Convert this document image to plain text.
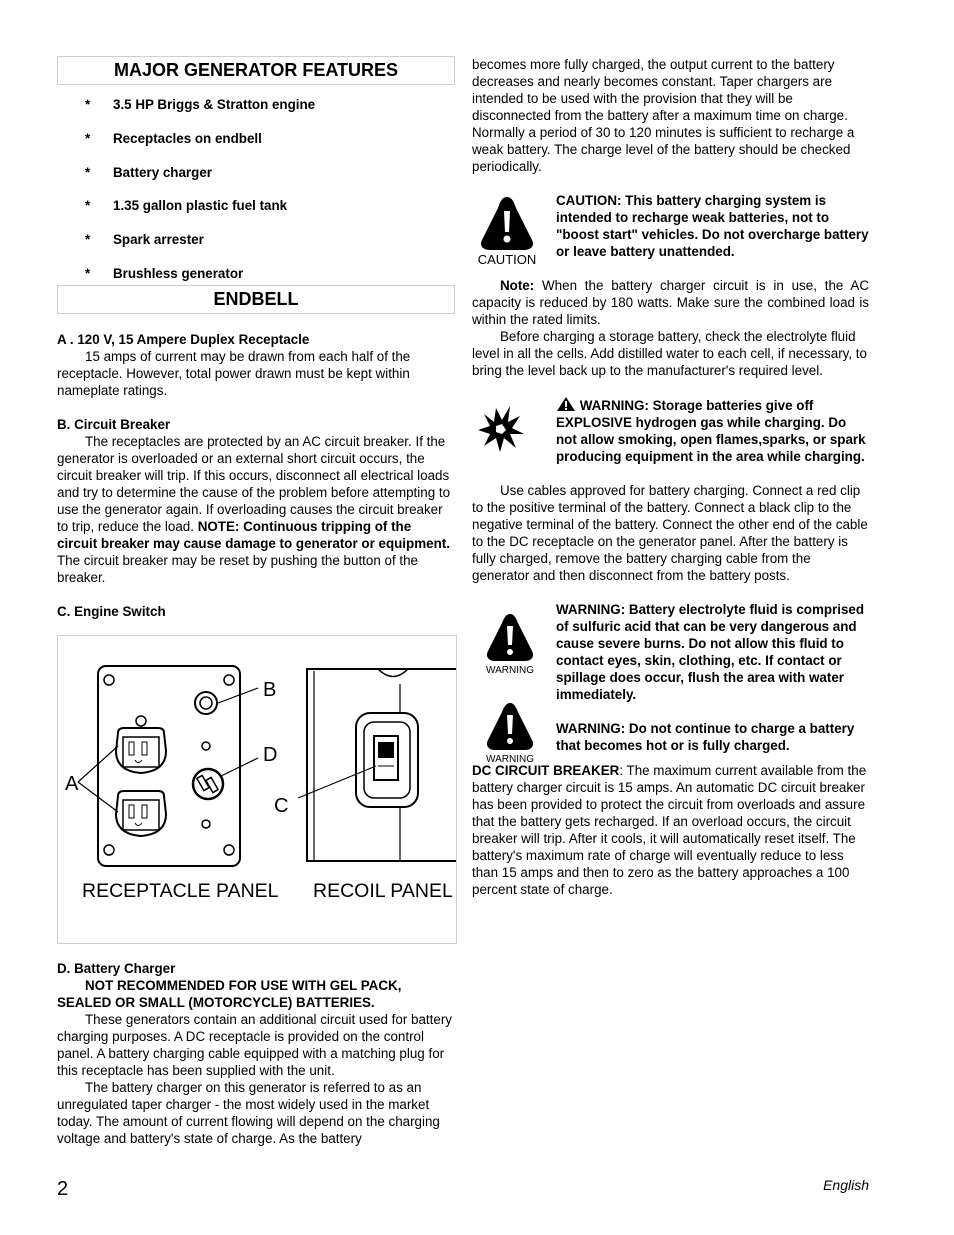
MAJOR GENERATOR FEATURES
* 3.5 HP Briggs & Stratton engine
* Receptacles on endbell
* Battery charger
* 1.35 gallon plastic fuel tank
* Spark arrester
* Brushless generator
ENDBELL

A . 120 V, 15 Ampere Duplex Receptacle

15 amps of current may be drawn from each half of the receptacle. However, total power drawn must be kept within nameplate ratings.

B. Circuit Breaker

The receptacles are protected by an AC circuit breaker. If the generator is overloaded or an external short circuit occurs, the circuit breaker will trip. If this occurs, disconnect all electrical loads and try to determine the cause of the problem before attempting to use the generator again. If overloading causes the circuit breaker to trip, reduce the load. NOTE: Continuous tripping of the circuit breaker may cause damage to generator or equipment. The circuit breaker may be reset by pushing the button of the breaker.

C. Engine Switch

A
B
D
C
RECEPTACLE PANEL RECOIL PANEL

D. Battery Charger

NOT RECOMMENDED FOR USE WITH GEL PACK, SEALED OR SMALL (MOTORCYCLE) BATTERIES.

These generators contain an additional circuit used for battery charging purposes. A DC receptacle is provided on the control panel. A battery charging cable equipped with a matching plug for this receptacle has been supplied with the unit.

The battery charger on this generator is referred to as an unregulated taper charger - the most widely used in the market today. The amount of current flowing will depend on the charging voltage and battery's state of charge. As the battery

becomes more fully charged, the output current to the battery decreases and nearly becomes constant. Taper chargers are intended to be used with the provision that they will be disconnected from the battery after a maximum time on charge. Normally a period of 30 to 120 minutes is sufficient to recharge a weak battery. The charge level of the battery should be checked periodically.

CAUTION
CAUTION: This battery charging system is intended to recharge weak batteries, not to "boost start" vehicles. Do not overcharge battery or leave battery unattended.

Note: When the battery charger circuit is in use, the AC capacity is reduced by 180 watts. Make sure the combined load is within the rated limits.

Before charging a storage battery, check the electrolyte fluid level in all the cells. Add distilled water to each cell, if necessary, to bring the level back up to the manufacturer's required level.

WARNING: Storage batteries give off EXPLOSIVE hydrogen gas while charging. Do not allow smoking, open flames,sparks, or spark producing equipment in the area while charging.

Use cables approved for battery charging. Connect a red clip to the positive terminal of the battery. Connect a black clip to the negative terminal of the battery. Connect the other end of the cable to the DC receptacle on the generator panel. After the battery is fully charged, remove the battery charging cable from the generator and then disconnect from the battery posts.

WARNING
WARNING: Battery electrolyte fluid is comprised of sulfuric acid that can be very dangerous and cause severe burns. Do not allow this fluid to contact eyes, skin, clothing, etc. If contact or spillage does occur, flush the area with water immediately.
WARNING
WARNING: Do not continue to charge a battery that becomes hot or is fully charged.

DC CIRCUIT BREAKER: The maximum current available from the battery charger circuit is 15 amps. An automatic DC circuit breaker has been provided to protect the circuit from overloads and assure that the battery gets recharged. If an overload occurs, the circuit breaker will trip. After it cools, it will automatically reset itself. The battery's maximum rate of charge will eventually reduce to less than 15 amps and then to zero as the battery approaches a 100 percent state of charge.

2	English
